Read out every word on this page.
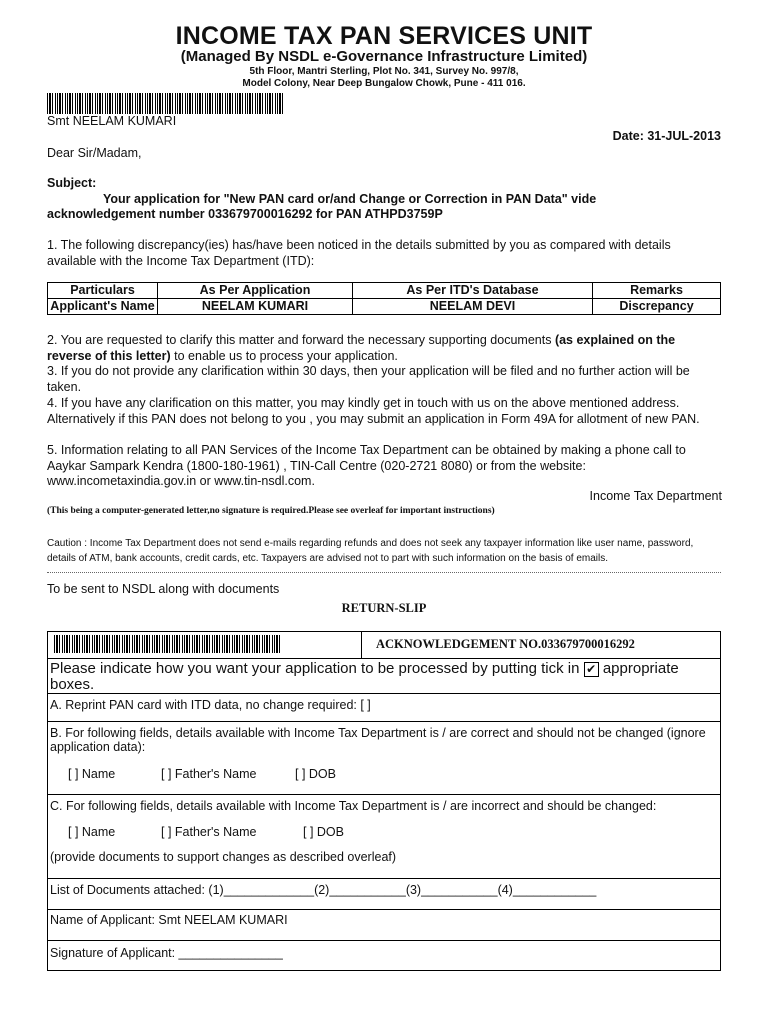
INCOME TAX PAN SERVICES UNIT
(Managed By NSDL e-Governance Infrastructure Limited)
5th Floor, Mantri Sterling, Plot No. 341, Survey No. 997/8,
Model Colony, Near Deep Bungalow Chowk, Pune - 411 016.
Smt NEELAM KUMARI
Date: 31-JUL-2013
Dear Sir/Madam,
Subject:
Your application for "New PAN card or/and Change or Correction in PAN Data" vide
acknowledgement number 033679700016292 for PAN ATHPD3759P
1. The following discrepancy(ies) has/have been noticed in the details submitted by you as compared with details available with the Income Tax Department (ITD):
Particulars	As Per Application	As Per ITD's Database	Remarks
Applicant's Name	NEELAM KUMARI	NEELAM DEVI	Discrepancy
2. You are requested to clarify this matter and forward the necessary supporting documents (as explained on the reverse of this letter) to enable us to process your application.
3. If you do not provide any clarification within 30 days, then your application will be filed and no further action will be taken.
4. If you have any clarification on this matter, you may kindly get in touch with us on the above mentioned address. Alternatively if this PAN does not belong to you , you may submit an application in Form 49A for allotment of new PAN.
5. Information relating to all PAN Services of the Income Tax Department can be obtained by making a phone call to Aaykar Sampark Kendra (1800-180-1961) , TIN-Call Centre (020-2721 8080) or from the website: www.incometaxindia.gov.in or www.tin-nsdl.com.
Income Tax Department
(This being a computer-generated letter,no signature is required.Please see overleaf for important instructions)
Caution : Income Tax Department does not send e-mails regarding refunds and does not seek any taxpayer information like user name, password, details of ATM, bank accounts, credit cards, etc. Taxpayers are advised not to part with such information on the basis of emails.
To be sent to NSDL along with documents
RETURN-SLIP
ACKNOWLEDGEMENT NO.033679700016292
Please indicate how you want your application to be processed by putting tick in ✔ appropriate boxes.
A. Reprint PAN card with ITD data, no change required: [ ]
B. For following fields, details available with Income Tax Department is / are correct and should not be changed (ignore application data):
[ ] Name	[ ] Father's Name	[ ] DOB
C. For following fields, details available with Income Tax Department is / are incorrect and should be changed:
[ ] Name	[ ] Father's Name	[ ] DOB
(provide documents to support changes as described overleaf)
List of Documents attached: (1)_____________(2)___________(3)___________(4)____________
Name of Applicant: Smt NEELAM KUMARI
Signature of Applicant: _______________
